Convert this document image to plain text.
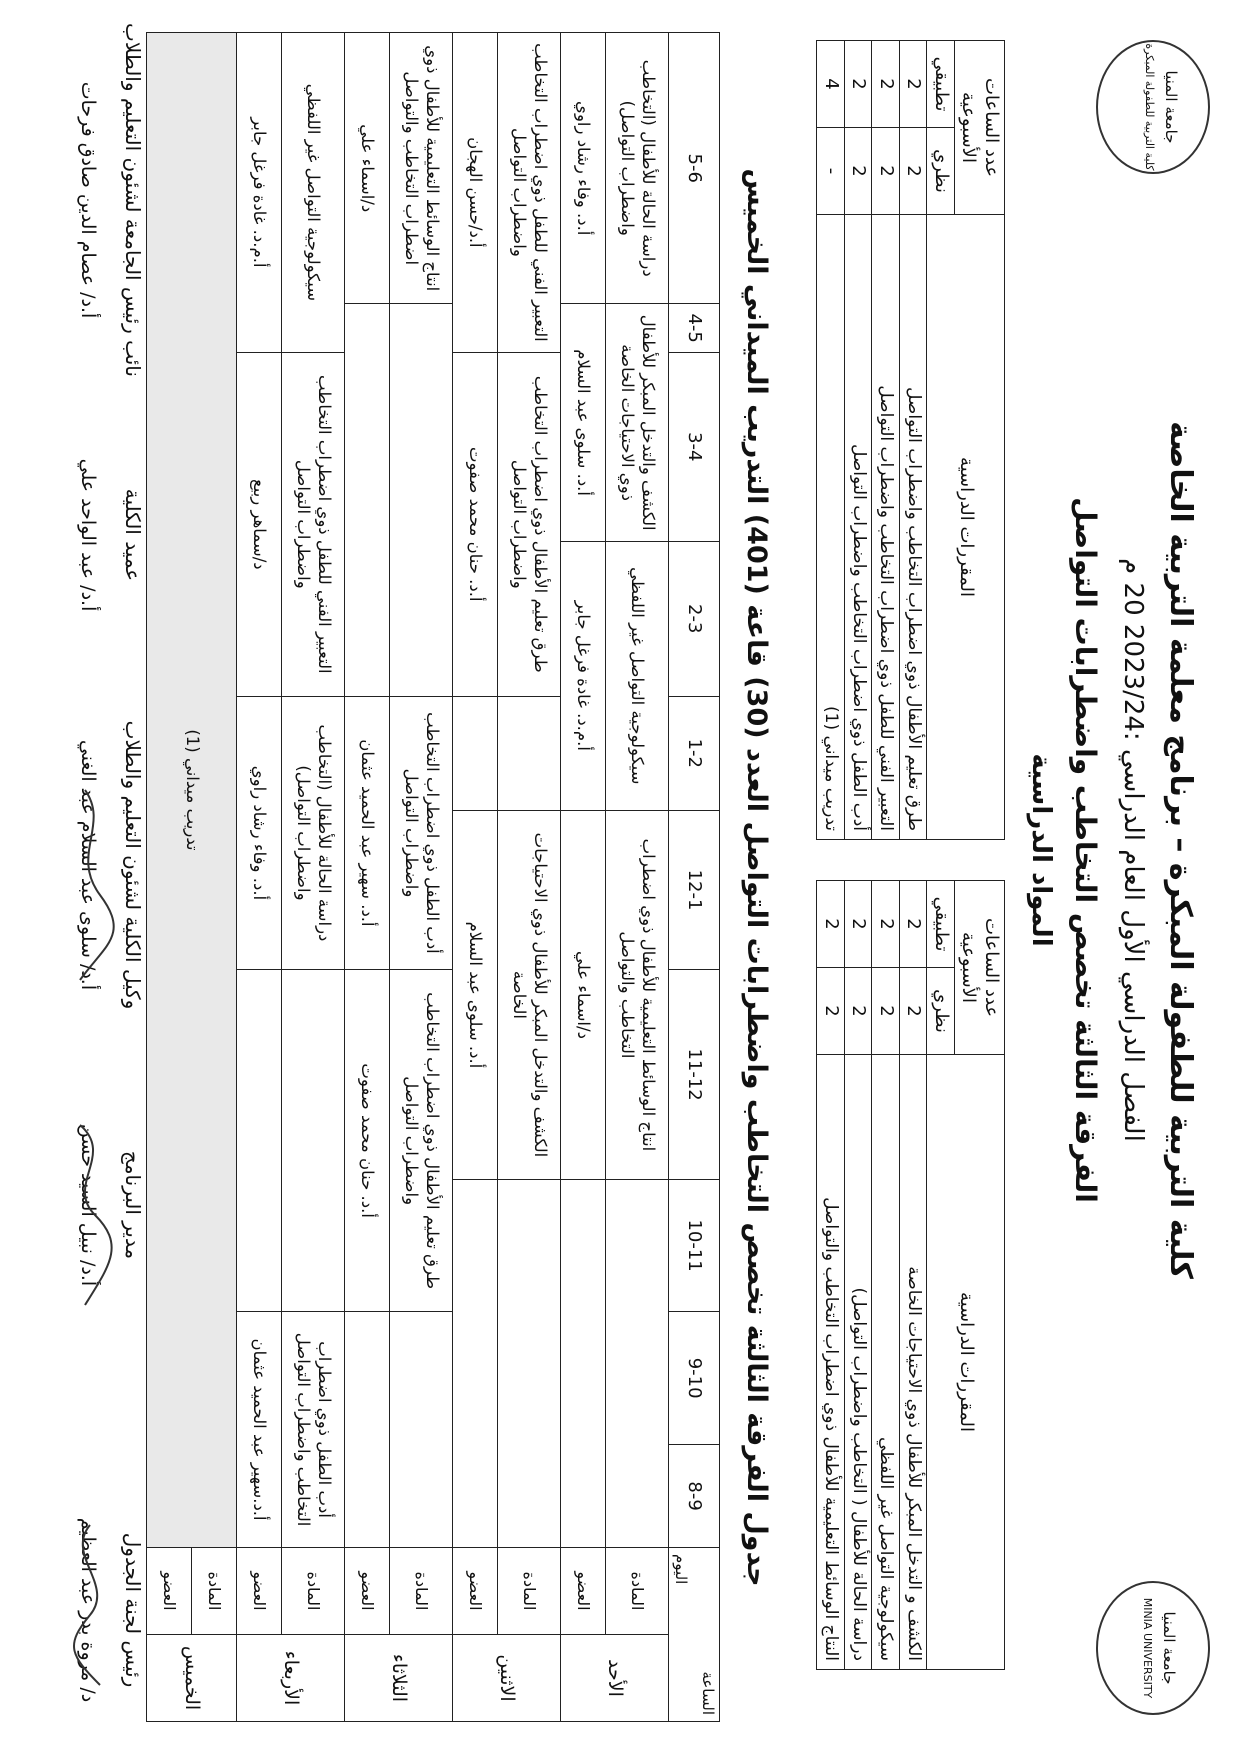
جامعة المنيا
MINIA UNIVERSITY
جامعة المنيا
كلية التربية للطفولة المبكرة
كلية التربية للطفولة المبكرة – برنامج معلمة التربية الخاصة
الفصل الدراسي الأول العام الدراسي :2023/24 20 م
الفرقة الثالثة تخصص التخاطب واضطرابات التواصل
المواد الدراسية
المقررات الدراسية	عدد الساعات الأسبوعية	
	نظري	تطبيقي
الكشف و التدخل المبكر للأطفال ذوي الاحتياجات الخاصة	2	2
سيكولوجية التواصل غير اللفظي	2	2
دراسة الحالة للأطفال ( التخاطب واضطراب التواصل)	2	2
النتاج الوسائط التعليمية للأطفال ذوي اضطراب التخاطب والتواصل	2	2
المقررات الدراسية	عدد الساعات الأسبوعية	
	نظري	تطبيقي
طرق تعليم الأطفال ذوي اضطراب التخاطب واضطراب التواصل	2	2
التعبير الفني للطفل ذوي اضطراب التخاطب واضطراب التواصل	2	2
أدب الطفل ذوي اضطراب التخاطب واضطراب التواصل	2	2
تدريب ميداني (1)	-	4
جدول الفرقة الثالثة تخصص التخاطب واضطرابات التواصل العدد (30) قاعة (401) التدريب الميداني الخميس
الساعة
اليوم		8-9	9-10	10-11	11-12	12-1	1-2	2-3	3-4	4-5	5-6
الأحد	المادة				انتاج الوسائط التعليمية للأطفال ذوي اضطراب التخاطب والتواصل		سيكولوجية التواصل غير اللفظي		الكشف والتدخل المبكر للأطفال ذوي الاحتياجات الخاصة		دراسة الحالة للأطفال (التخاطب واضطراب التواصل)
	العضو				د/اسماء علي		أ.م.د. غادة فرغل جابر		أ.د. سلوى عبد السلام		أ.د. وفاء رشاد راوي
الاثنين	المادة				الكشف والتدخل المبكر للأطفال ذوي الاحتياجات الخاصة			طرق تعليم الأطفال ذوي اضطراب التخاطب واضطراب التواصل		التعبير الفني للطفل ذوي اضطراب التخاطب واضطراب التواصل	
	العضو				أ.د. سلوى عبد السلام			أ.د. حنان محمد صفوت		أ.د/حسن الهجان	
الثلاثاء	المادة			طرق تعليم الأطفال ذوي اضطراب التخاطب واضطراب التواصل		أدب الطفل ذوي اضطراب التخاطب واضطراب التواصل					انتاج الوسائط التعليمية للأطفال ذوي اضطراب التخاطب والتواصل
	العضو			أ.د. حنان محمد صفوت		أ.د. سهير عبد الحميد عثمان					د/اسماء علي
الأربعاء	المادة	أدب الطفل ذوي اضطراب التخاطب واضطراب التواصل				دراسة الحالة للأطفال (التخاطب واضطراب التواصل)		التعبير الفني للطفل ذوي اضطراب التخاطب واضطراب التواصل		سيكولوجية التواصل غير اللفظي	
	العضو	أ.د.سهير عبد الحميد عثمان				أ.د. وفاء رشاد راوي		د/سماهر ربيع		أ.م.د. غادة فرغل جابر	
الخميس	المادة	تدريب ميداني (1)									
	العضو										
رئيس لجنة الجدول
د/ مروة بدر عبد العظيم
مدير البرنامج
أ.د/ نبيل السيد حسن
وكيل الكلية لشئون التعليم والطلاب
أ.د/ سلوى عبد السلام عبد الغني
عميد الكلية
أ.د/ عبد الواحد علي
نائب رئيس الجامعة لشئون التعليم والطلاب
أ.د/ عصام الدين صادق فرحات
